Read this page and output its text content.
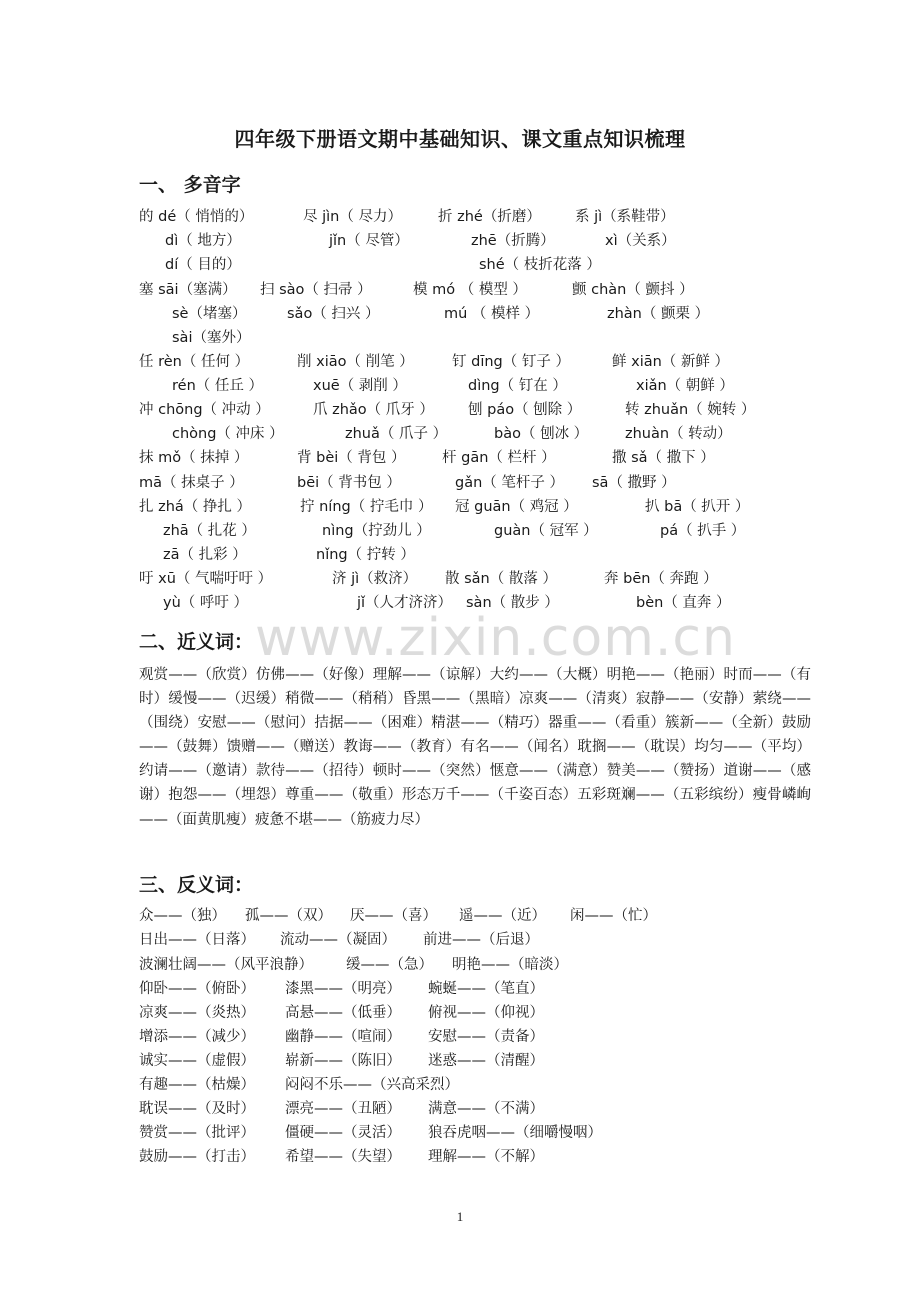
www.zixin.com.cn
四年级下册语文期中基础知识、课文重点知识梳理
一、 多音字
的 dé（ 悄悄的）	尽 jìn（ 尽力） 折 zhé（折磨） 系 jì（系鞋带）
dì（ 地方）	jǐn（ 尽管）	zhē（折腾）	xì（关系）
dí（ 目的）	shé（ 枝折花落 ）
塞 sāi（塞满） 扫 sào（ 扫帚 ）	模 mó （ 模型 ）	颤 chàn（ 颤抖 ）
sè（堵塞）	sǎo（ 扫兴 ）	mú （ 模样 ）	zhàn（ 颤栗 ）
sài（塞外）
任 rèn（ 任何 ）	削 xiāo（ 削笔 ）	钉 dīng（ 钉子 ）	鲜 xiān（ 新鲜 ）
rén（ 任丘 ）	xuē（ 剥削 ）	dìng（ 钉在 ）	xiǎn（ 朝鲜 ）
冲 chōng（ 冲动 ）	爪 zhǎo（ 爪牙 ） 刨 páo（ 刨除 ）	转 zhuǎn（ 婉转 ）
chòng（ 冲床 ）	zhuǎ（ 爪子 ）	bào（ 刨冰 ）	zhuàn（ 转动）
抹 mǒ（ 抹掉 ）	背 bèi（ 背包 ）	杆 gān（ 栏杆 ）	撒 sǎ（ 撒下 ）
mā（ 抹桌子 ）	bēi（ 背书包 ）	gǎn（ 笔杆子 ） sā（ 撒野 ）
扎 zhá（ 挣扎 ）	拧 níng（ 拧毛巾 ） 冠 guān（ 鸡冠 ）	扒 bā（ 扒开 ）
zhā（ 扎花 ）	nìng（拧劲儿 ）	guàn（ 冠军 ）	pá（ 扒手 ）
zā（ 扎彩 ）	nǐng（ 拧转 ）
吁 xū（ 气喘吁吁 ）	济 jì（救济） 散 sǎn（ 散落 ）	奔 bēn（ 奔跑 ）
yù（ 呼吁 ）	jǐ（人才济济） sàn（ 散步 ）	bèn（ 直奔 ）
二、近义词：
观赏——（欣赏）仿佛——（好像）理解——（谅解）大约——（大概）明艳——（艳丽）时而——（有时）缓慢——（迟缓）稍微——（稍稍）昏黑——（黑暗）凉爽——（清爽）寂静——（安静）萦绕——（围绕）安慰——（慰问）拮据——（困难）精湛——（精巧）器重——（看重）簇新——（全新）鼓励——（鼓舞）馈赠——（赠送）教诲——（教育）有名——（闻名）耽搁——（耽误）均匀——（平均）约请——（邀请）款待——（招待）顿时——（突然）惬意——（满意）赞美——（赞扬）道谢——（感谢）抱怨——（埋怨）尊重——（敬重）形态万千——（千姿百态）五彩斑斓——（五彩缤纷）瘦骨嶙峋——（面黄肌瘦）疲惫不堪——（筋疲力尽）
三、反义词：
众——（独） 孤——（双） 厌——（喜） 遥——（近） 闲——（忙）
日出——（日落） 流动——（凝固） 前进——（后退）
波澜壮阔——（风平浪静） 缓——（急） 明艳——（暗淡）
仰卧——（俯卧） 漆黑——（明亮） 蜿蜒——（笔直）
凉爽——（炎热） 高悬——（低垂） 俯视——（仰视）
增添——（减少） 幽静——（喧闹） 安慰——（责备）
诚实——（虚假） 崭新——（陈旧） 迷惑——（清醒）
有趣——（枯燥） 闷闷不乐——（兴高采烈）
耽误——（及时） 漂亮——（丑陋） 满意——（不满）
赞赏——（批评） 僵硬——（灵活） 狼吞虎咽——（细嚼慢咽）
鼓励——（打击） 希望——（失望） 理解——（不解）
1
